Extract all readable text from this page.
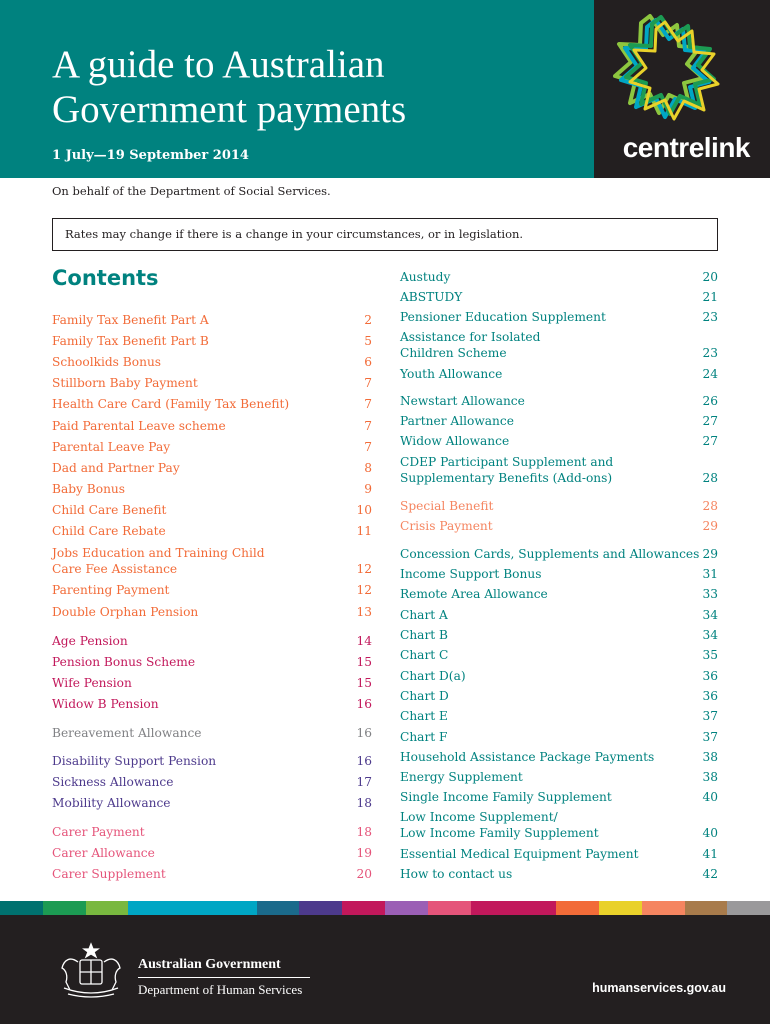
A guide to Australian
Government payments
1 July—19 September 2014	centrelink
On behalf of the Department of Social Services.
Rates may change if there is a change in your circumstances, or in legislation.
Contents
Family Tax Benefit Part A	2
Family Tax Benefit Part B	5
Schoolkids Bonus	6
Stillborn Baby Payment	7
Health Care Card (Family Tax Benefit)	7
Paid Parental Leave scheme	7
Parental Leave Pay	7
Dad and Partner Pay	8
Baby Bonus	9
Child Care Benefit	10
Child Care Rebate	11
Jobs Education and Training Child
Care Fee Assistance	12
Parenting Payment	12
Double Orphan Pension	13
Age Pension	14
Pension Bonus Scheme	15
Wife Pension	15
Widow B Pension	16
Bereavement Allowance	16
Disability Support Pension	16
Sickness Allowance	17
Mobility Allowance	18
Carer Payment	18
Carer Allowance	19
Carer Supplement	20
Austudy	20
ABSTUDY	21
Pensioner Education Supplement	23
Assistance for Isolated
Children Scheme	23
Youth Allowance	24
Newstart Allowance	26
Partner Allowance	27
Widow Allowance	27
CDEP Participant Supplement and
Supplementary Benefits (Add-ons)	28
Special Benefit	28
Crisis Payment	29
Concession Cards, Supplements and Allowances 29
Income Support Bonus	31
Remote Area Allowance	33
Chart A	34
Chart B	34
Chart C	35
Chart D(a)	36
Chart D	36
Chart E	37
Chart F	37
Household Assistance Package Payments	38
Energy Supplement	38
Single Income Family Supplement	40
Low Income Supplement/
Low Income Family Supplement	40
Essential Medical Equipment Payment	41
How to contact us	42
Australian Government
Department of Human Services	humanservices.gov.au
